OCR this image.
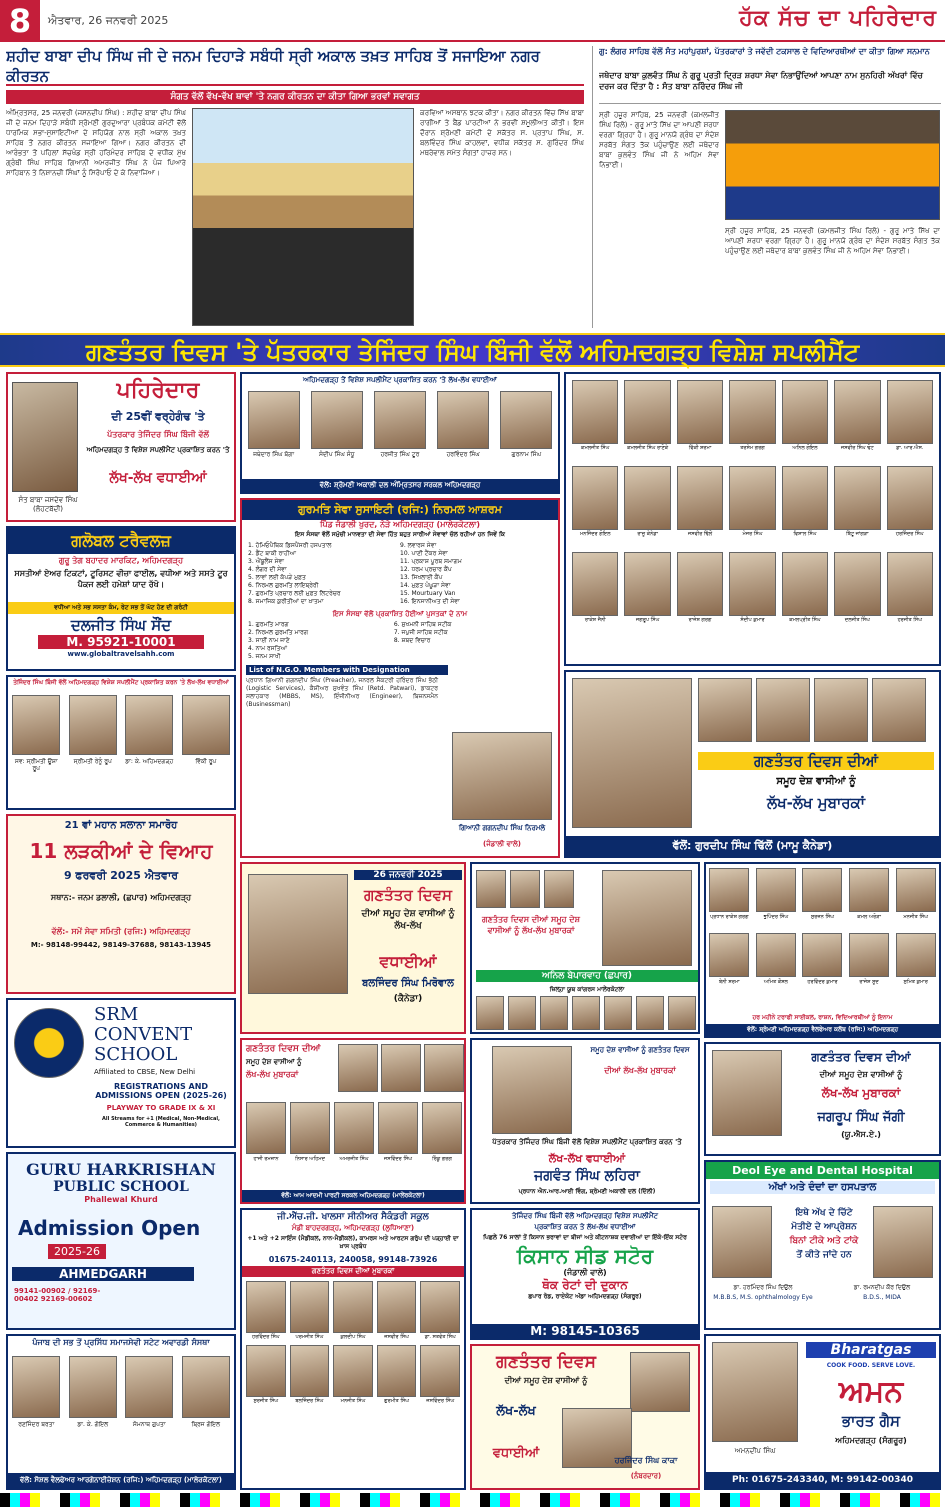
8	ਐਤਵਾਰ, 26 ਜਨਵਰੀ 2025	ਹੱਕ ਸੱਚ ਦਾ ਪਹਿਰੇਦਾਰ
ਸ਼ਹੀਦ ਬਾਬਾ ਦੀਪ ਸਿੰਘ ਜੀ ਦੇ ਜਨਮ ਦਿਹਾੜੇ ਸਬੰਧੀ ਸ੍ਰੀ ਅਕਾਲ ਤਖ਼ਤ ਸਾਹਿਬ ਤੋਂ ਸਜਾਇਆ ਨਗਰ ਕੀਰਤਨ
ਸੰਗਤ ਵੱਲੋਂ ਵੱਖ-ਵੱਖ ਥਾਵਾਂ 'ਤੇ ਨਗਰ ਕੀਰਤਨ ਦਾ ਕੀਤਾ ਗਿਆ ਭਰਵਾਂ ਸਵਾਗਤ
ਅੰਮ੍ਰਿਤਸਰ, 25 ਜਨਵਰੀ (ਜਸਨਦੀਪ ਸਿੰਘ) : ਸ਼ਹੀਦ ਬਾਬਾ ਦੀਪ ਸਿੰਘ ਜੀ ਦੇ ਜਨਮ ਦਿਹਾੜੇ ਸਬੰਧੀ ਸ਼੍ਰੋਮਣੀ ਗੁਰਦੁਆਰਾ ਪ੍ਰਬੰਧਕ ਕਮੇਟੀ ਵੱਲੋਂ ਧਾਰਮਿਕ ਸਭਾ-ਸੁਸਾਇਟੀਆਂ ਦੇ ਸਹਿਯੋਗ ਨਾਲ ਸ੍ਰੀ ਅਕਾਲ ਤਖ਼ਤ ਸਾਹਿਬ ਤੋਂ ਨਗਰ ਕੀਰਤਨ ਸਜਾਇਆ ਗਿਆ। ਨਗਰ ਕੀਰਤਨ ਦੀ ਆਰੰਭਤਾ ਤੋਂ ਪਹਿਲਾਂ ਸੱਚਖੰਡ ਸ੍ਰੀ ਹਰਿਮੰਦਰ ਸਾਹਿਬ ਦੇ ਵਧੀਕ ਮੁੱਖ ਗ੍ਰੰਥੀ ਸਿੰਘ ਸਾਹਿਬ ਗਿਆਨੀ ਅਮਰਜੀਤ ਸਿੰਘ ਨੇ ਪੰਜ ਪਿਆਰੇ ਸਾਹਿਬਾਨ ਤੇ ਨਿਸ਼ਾਨਚੀ ਸਿੰਘਾਂ ਨੂੰ ਸਿਰੋਪਾਓ ਦੇ ਕੇ ਨਿਵਾਜਿਆ।
ਕਰਵਿਆਂ ਅਸਥਾਨ ਝਟਕ ਕੀਤਾ। ਨਗਰ ਕੀਰਤਨ ਵਿੱਚ ਸਿੱਖ ਬਾਬਾ ਰਾਗੀਆਂ ਤੇ ਬੈਂਡ ਪਾਰਟੀਆਂ ਨੇ ਭਰਵੀਂ ਸ਼ਮੂਲੀਅਤ ਕੀਤੀ। ਇਸ ਦੌਰਾਨ ਸ਼੍ਰੋਮਣੀ ਕਮੇਟੀ ਦੇ ਸਕੱਤਰ ਸ. ਪ੍ਰਤਾਪ ਸਿੰਘ, ਸ. ਬਲਵਿੰਦਰ ਸਿੰਘ ਕਾਹਲਵਾਂ, ਵਧੀਕ ਸਕੱਤਰ ਸ. ਗੁਰਿੰਦਰ ਸਿੰਘ ਮਥਰੇਵਾਲ ਸਮੇਤ ਸੰਗਤਾਂ ਹਾਜ਼ਰ ਸਨ।
ਗੁ: ਲੰਗਰ ਸਾਹਿਬ ਵੱਲੋਂ ਸੰਤ ਮਹਾਂਪੁਰਸ਼ਾਂ, ਪੱਤਰਕਾਰਾਂ ਤੇ ਜਵੱਦੀ ਟਕਸਾਲ ਦੇ ਵਿਦਿਆਰਥੀਆਂ ਦਾ ਕੀਤਾ ਗਿਆ ਸਨਮਾਨ
ਜਥੇਦਾਰ ਬਾਬਾ ਕੁਲਵੰਤ ਸਿੰਘ ਨੇ ਗੁਰੂ ਪ੍ਰਤੀ ਦ੍ਰਿੜ ਸ਼ਰਧਾ ਸੇਵਾ ਨਿਭਾਉਂਦਿਆਂ ਆਪਣਾ ਨਾਮ ਸੁਨਹਿਰੀ ਅੱਖਰਾਂ ਵਿੱਚ ਦਰਜ ਕਰ ਦਿੱਤਾ ਹੈ : ਸੰਤ ਬਾਬਾ ਨਰਿੰਦਰ ਸਿੰਘ ਜੀ
ਸ੍ਰੀ ਹਜ਼ੂਰ ਸਾਹਿਬ, 25 ਜਨਵਰੀ (ਕਮਲਜੀਤ ਸਿੰਘ ਰਿਲੋ) - ਗੁਰੂ ਮਾਤੇ ਸਿੱਖ ਦਾ ਆਪਣੀ ਸ਼ਰਧਾ ਵਰਗਾ ਗ੍ਰਿਹਾ ਹੈ। ਗੁਰੂ ਮਾਨਯੋ ਗ੍ਰੰਥ ਦਾ ਸੰਦੇਸ਼ ਸਰਬੱਤ ਸੰਗਤ ਤੱਕ ਪਹੁੰਚਾਉਣ ਲਈ ਜਥੇਦਾਰ ਬਾਬਾ ਕੁਲਵੰਤ ਸਿੰਘ ਜੀ ਨੇ ਅਹਿਮ ਸੇਵਾ ਨਿਭਾਈ।
ਸ੍ਰੀ ਹਜ਼ੂਰ ਸਾਹਿਬ, 25 ਜਨਵਰੀ (ਕਮਲਜੀਤ ਸਿੰਘ ਰਿਲੋ) - ਗੁਰੂ ਮਾਤੇ ਸਿੱਖ ਦਾ ਆਪਣੀ ਸ਼ਰਧਾ ਵਰਗਾ ਗ੍ਰਿਹਾ ਹੈ। ਗੁਰੂ ਮਾਨਯੋ ਗ੍ਰੰਥ ਦਾ ਸੰਦੇਸ਼ ਸਰਬੱਤ ਸੰਗਤ ਤੱਕ ਪਹੁੰਚਾਉਣ ਲਈ ਜਥੇਦਾਰ ਬਾਬਾ ਕੁਲਵੰਤ ਸਿੰਘ ਜੀ ਨੇ ਅਹਿਮ ਸੇਵਾ ਨਿਭਾਈ।
ਗਣਤੰਤਰ ਦਿਵਸ 'ਤੇ ਪੱਤਰਕਾਰ ਤੇਜਿੰਦਰ ਸਿੰਘ ਬਿੰਜੀ ਵੱਲੋਂ ਅਹਿਮਦਗੜ੍ਹ ਵਿਸ਼ੇਸ਼ ਸਪਲੀਮੈਂਟ
ਸੰਤ ਬਾਬਾ ਜਸਦੇਵ ਸਿੰਘ (ਲੋਹਟਬੱਦੀ)
ਪਹਿਰੇਦਾਰ
ਦੀ 25ਵੀਂ ਵਰ੍ਹੇਗੰਢ 'ਤੇ
ਪੱਤਰਕਾਰ ਤੇਜਿੰਦਰ ਸਿੰਘ ਬਿੰਜੀ ਵੱਲੋਂ
ਅਹਿਮਦਗੜ੍ਹ ਤੋਂ ਵਿਸ਼ੇਸ਼ ਸਪਲੀਮੈਂਟ ਪ੍ਰਕਾਸ਼ਿਤ ਕਰਨ 'ਤੇ
ਲੱਖ-ਲੱਖ ਵਧਾਈਆਂ
ਗਲੋਬਲ ਟਰੈਵਲਜ਼
ਗੁਰੂ ਤੇਗ ਬਹਾਦਰ ਮਾਰਕਿਟ, ਅਹਿਮਦਗੜ੍ਹ
ਸਸਤੀਆਂ ਏਅਰ ਟਿਕਟਾਂ, ਟੂਰਿਸਟ ਵੀਜ਼ਾ ਫਾਈਲ, ਵਧੀਆ ਅਤੇ ਸਸਤੇ ਟੂਰ ਪੈਕਜ ਲਈ ਹਮੇਸ਼ਾਂ ਯਾਦ ਰੱਖੋ।
ਵਧੀਆ ਅਤੇ ਸਭ ਸਸਤਾ ਕੰਮ, ਰੇਟ ਸਭ ਤੋਂ ਘੱਟ ਹੋਣ ਦੀ ਗਰੰਟੀ
ਦਲਜੀਤ ਸਿੰਘ ਸੌਂਦ
M. 95921-10001
www.globaltravelsahh.com
ਤੇਜਿੰਦਰ ਸਿੰਘ ਬਿੰਜੀ ਵੱਲੋਂ ਅਹਿਮਦਗੜ੍ਹ ਵਿਸ਼ੇਸ਼ ਸਪਲੀਮੈਂਟ ਪ੍ਰਕਾਸ਼ਿਤ ਕਰਨ 'ਤੇ ਲੱਖ-ਲੱਖ ਵਧਾਈਆਂ
ਸਵ: ਸ੍ਰੀਮਤੀ ਊਸ਼ਾ ਰੂਪ
ਸ੍ਰੀਮਤੀ ਰੇਨੂੰ ਰੂਪ	ਡਾ: ਕੇ. ਅਹਿਮਦਗੜ੍ਹ	ਵਿੱਕੀ ਰੂਪ
21 ਵਾਂ ਮਹਾਨ ਸਲਾਨਾ ਸਮਾਰੋਹ
11 ਲੜਕੀਆਂ ਦੇ ਵਿਆਹ
9 ਫਰਵਰੀ 2025 ਐਤਵਾਰ
ਸਥਾਨ:- ਜਨਮ ਡਲਾਲੀ, (ਛਪਾਰ) ਅਹਿਮਦਗੜ੍ਹ
ਵੱਲੋਂ:- ਸਮੇਂ ਸੇਵਾ ਸਮਿਤੀ (ਰਜਿ:) ਅਹਿਮਦਗੜ੍ਹ
M:- 98148-99442, 98149-37688, 98143-13945
SRM
CONVENT
SCHOOL
Affiliated to CBSE, New Delhi
REGISTRATIONS AND ADMISSIONS OPEN (2025-26)
PLAYWAY TO GRADE IX & XI
All Streams for +1 (Medical, Non-Medical, Commerce & Humanities)
GURU HARKRISHAN
PUBLIC SCHOOL
Phallewal Khurd
Admission Open
2025-26
AHMEDGARH
99141-00902 / 92169-00402 92169-00602
ਪੰਜਾਬ ਦੀ ਸਭ ਤੋਂ ਪ੍ਰਸਿੱਧ ਸਮਾਜਸੇਵੀ ਸਟੇਟ ਅਵਾਰਡੀ ਸੰਸਥਾ
ਰਣਜਿੰਦਰ ਬਰਤਾ	ਡਾ. ਕੇ. ਗੋਇਲ	ਸੋਮਨਾਥ ਗੁਪਤਾ	ਬ੍ਰਿਜ ਗੋਇਲ
ਵੱਲੋਂ: ਸੋਸ਼ਲ ਵੈਲਫੇਅਰ ਆਰਗੇਨਾਈਜ਼ੇਸ਼ਨ (ਰਜਿ:) ਅਹਿਮਦਗੜ੍ਹ (ਮਾਲੇਰਕੋਟਲਾ)
ਅਹਿਮਦਗੜ੍ਹ ਤੋਂ ਵਿਸ਼ੇਸ਼ ਸਪਲੀਮੈਂਟ ਪ੍ਰਕਾਸ਼ਿਤ ਕਰਨ 'ਤੇ ਲੱਖ-ਲੱਖ ਵਧਾਈਆਂ
ਜਥੇਦਾਰ ਸਿੰਘ ਬੱਗਾ	ਸੰਦੀਪ ਸਿੰਘ ਸੰਧੂ	ਹਰਜੀਤ ਸਿੰਘ ਟੂਰ	ਹਰਵਿੰਦਰ ਸਿੰਘ	ਗੁਰਨਾਮ ਸਿੰਘ
ਵੱਲੋਂ: ਸ਼੍ਰੋਮਣੀ ਅਕਾਲੀ ਦਲ ਅੰਮ੍ਰਿਤਸਰ ਸਰਕਲ ਅਹਿਮਦਗੜ੍ਹ
ਗੁਰਮਤਿ ਸੇਵਾ ਸੁਸਾਇਟੀ (ਰਜਿ:) ਨਿਰਮਲ ਆਸ਼ਰਮ
ਪਿੰਡ ਜੰਡਾਲੀ ਖੁਰਦ, ਨੇੜੇ ਅਹਿਮਦਗੜ੍ਹ (ਮਾਲੇਰਕੋਟਲਾ)
ਇਸ ਸੰਸਥਾ ਵੱਲੋਂ ਸਮੁੱਚੀ ਮਾਨਵਤਾ ਦੀ ਸੇਵਾ ਹਿੱਤ ਬਹੁਤ ਸਾਰੀਆਂ ਸੇਵਾਵਾਂ ਚੱਲ ਰਹੀਆਂ ਹਨ ਜਿਵੇਂ ਕਿ
1. ਹੋਮਿਓਪੈਥਿਕ ਡਿਸਪੈਂਸਰੀ ਹਸਪਤਾਲ
2. ਡੈਂਟ ਬਾਕੀ ਰਾਹੀਆ
3. ਐਂਬੂਲੈਂਸ ਸੇਵਾ
4. ਲੰਗਰ ਦੀ ਸੇਵਾ
5. ਲਾਵਾਂ ਲਈ ਕੱਪੜੇ ਮੁਫ਼ਤ
6. ਨਿਰਮਲ ਗੁਰਮਤਿ ਲਾਇਬ੍ਰੇਰੀ
7. ਗੁਰਮਤਿ ਪ੍ਰਚਾਰ ਲਈ ਮੁਫ਼ਤ ਲਿਟਰੇਚਰ
8. ਸਮਾਜਿਕ ਕੁਰੀਤੀਆਂ ਦਾ ਖ਼ਾਤਮਾ
9. ਲਵਾਰਸ ਸੇਵਾ
10. ਪਾਣੀ ਟੈਂਕਰ ਸੇਵਾ
11. ਪ੍ਰਕਾਸ਼ ਪੂਰਬ ਸਮਾਗਮ
12. ਧਰਮ ਪ੍ਰਚਾਰ ਕੈਂਪ
13. ਸਿਖਲਾਈ ਕੈਂਪ
14. ਮੁਫ਼ਤ ਪੰਘੂੜਾ ਸੇਵਾ
15. Mourtuary Van
16. ਇਨਸਾਨੀਅਤ ਦੀ ਸੇਵਾ
ਇਸ ਸੰਸਥਾ ਵੱਲੋਂ ਪ੍ਰਕਾਸ਼ਿਤ ਹੋਈਆਂ ਪੁਸਤਕਾਂ ਦੇ ਨਾਮ
1. ਗੁਰਮਤਿ ਮਾਰਗ
2. ਨਿਰਮਲ ਗੁਰਮਤਿ ਮਾਰਗ
3. ਸਾਈਂ ਨਾਮ ਜਾਣੋ
4. ਨਾਮ ਰਸਤਿਆਂ
5. ਜਨਮ ਸਾਖੀ
6. ਸੁਖਮਨੀ ਸਾਹਿਬ ਸਟੀਕ
7. ਜਪੁਜੀ ਸਾਹਿਬ ਸਟੀਕ
8. ਸ਼ਬਦ ਵਿਚਾਰ
List of N.G.O. Members with Designation
ਪ੍ਰਧਾਨ ਗਿਆਨੀ ਗਗਨਦੀਪ ਸਿੰਘ (Preacher), ਜਨਰਲ ਸੈਕਟਰੀ ਹਰਿੰਦਰ ਸਿੰਘ ਭੱਠੀ (Logistic Services), ਕੈਸ਼ੀਅਰ ਸੁਖਵੰਤ ਸਿੰਘ (Retd. Patwari), ਡਾਕਟਰ ਸਲਾਹਕਾਰ (MBBS, MS), ਇੰਜੀਨੀਅਰ (Engineer), ਬਿਜ਼ਨਸਮੈਨ (Businessman)
ਗਿਆਨੀ ਗਗਨਦੀਪ ਸਿੰਘ ਨਿਰਮਲੇ
(ਜੰਡਾਲੀ ਵਾਲੇ)
ਕਮਲਜੀਤ ਸਿੰਘ	ਕਮਲਜੀਤ ਸਿੰਘ ਰਾਣੋਕੇ	ਵਿੱਕੀ ਸ਼ਰਮਾ	ਤਰਸੇਮ ਗਰਗ	ਅਨਿਲ ਗੋਇਲ	ਜਸਵੀਰ ਸਿੰਘ ਢੋਟ	ਡਾ. ਆਰ.ਐਸ.
ਮਨਜਿੰਦਰ ਗੋਇਲ	ਰਾਜੂ ਕੇਨੇਡਾ	ਜਸਵੀਰ ਢਿੱਲੋਂ	ਮੇਜਰ ਸਿੰਘ	ਵਿਸ਼ਾਲ ਸਿੰਘ	ਬਿੱਟੂ ਜਾਂਗੜਾ	ਹਰਜਿੰਦਰ ਸਿੰਘ
ਰਾਕੇਸ਼ ਜੈਨੀ	ਜਗਰੂਪ ਸਿੰਘ	ਰਾਜੇਸ਼ ਗਰਗ	ਸੰਦੀਪ ਕੁਮਾਰ	ਕਮਲਪ੍ਰੀਤ ਸਿੰਘ	ਦਲਜੀਤ ਸਿੰਘ	ਹਰਜੀਤ ਸਿੰਘ
ਗਣਤੰਤਰ ਦਿਵਸ ਦੀਆਂ
ਸਮੂਹ ਦੇਸ਼ ਵਾਸੀਆਂ ਨੂੰ
ਲੱਖ-ਲੱਖ ਮੁਬਾਰਕਾਂ
ਵੱਲੋਂ: ਗੁਰਦੀਪ ਸਿੰਘ ਢਿੱਲੋਂ (ਮਾਮੂ ਕੈਨੇਡਾ)
26 ਜਨਵਰੀ 2025
ਗਣਤੰਤਰ ਦਿਵਸ
ਦੀਆਂ ਸਮੂਹ ਦੇਸ਼ ਵਾਸੀਆਂ ਨੂੰ ਲੱਖ-ਲੱਖ
ਵਧਾਈਆਂ
ਬਲਜਿੰਦਰ ਸਿੰਘ ਮਿਰੋਵਾਲ
(ਕੈਨੇਡਾ)
ਗਣਤੰਤਰ ਦਿਵਸ ਦੀਆਂ ਸਮੂਹ ਦੇਸ਼ ਵਾਸੀਆਂ ਨੂੰ ਲੱਖ-ਲੱਖ ਮੁਬਾਰਕਾਂ
ਅਨਿਲ ਬੇਪਾਰਵਾਹ (ਛਪਾਰ)
ਜ਼ਿਲ੍ਹਾ ਯੂਥ ਕਾਂਗਰਸ ਮਾਲੇਰਕੋਟਲਾ
ਪ੍ਰਧਾਨ ਰਾਕੇਸ਼ ਗਰਗ	ਭੁਪਿੰਦਰ ਸਿੰਘ	ਸੁਰਜਨ ਸਿੰਘ	ਕਮਲ ਅਰੋੜਾ	ਮਨਜੀਤ ਸਿੰਘ
ਬੇਨੀ ਸ਼ਰਮਾ	ਅਮਿਤ ਕੌਸ਼ਲ	ਹਰਵਿੰਦਰ ਕੁਮਾਰ	ਰਾਜੇਸ਼ ਸੂਦ	ਸੁਮਿਤ ਕੁਮਾਰ
ਹਰ ਮਹੀਨੇ ਟਰਾਫੀ ਸਾਈਕਲ, ਰਾਸ਼ਨ, ਵਿਦਿਆਰਥੀਆਂ ਨੂੰ ਇਨਾਮ
ਵੱਲੋਂ: ਸ਼੍ਰੋਮਣੀ ਅਹਿਮਦਗੜ੍ਹ ਵੈਲਫੇਅਰ ਕਲੱਬ (ਰਜਿ:) ਅਹਿਮਦਗੜ੍ਹ
ਗਣਤੰਤਰ ਦਿਵਸ ਦੀਆਂ
ਸਮੂਹ ਦੇਸ਼ ਵਾਸੀਆਂ ਨੂੰ
ਲੱਖ-ਲੱਖ ਮੁਬਾਰਕਾਂ
ਹਾਜੀ ਰਮਜ਼ਾਨ	ਨਿਸਾਰ ਅਹਿਮਦ	ਅਮਰਜੀਤ ਸਿੰਘ	ਜਸਵਿੰਦਰ ਸਿੰਘ	ਰਿੰਕੂ ਗਰਗ
ਵੱਲੋਂ: ਆਮ ਆਦਮੀ ਪਾਰਟੀ ਸਰਕਲ ਅਹਿਮਦਗੜ੍ਹ (ਮਾਲੇਰਕੋਟਲਾ)
ਸਮੂਹ ਦੇਸ਼ ਵਾਸੀਆਂ ਨੂੰ ਗਣਤੰਤਰ ਦਿਵਸ
ਦੀਆਂ ਲੱਖ-ਲੱਖ ਮੁਬਾਰਕਾਂ
ਪੱਤਰਕਾਰ ਤੇਜਿੰਦਰ ਸਿੰਘ ਬਿੰਜੀ ਵੱਲੋਂ ਵਿਸ਼ੇਸ਼ ਸਪਲੀਮੈਂਟ ਪ੍ਰਕਾਸ਼ਿਤ ਕਰਨ 'ਤੇ
ਲੱਖ-ਲੱਖ ਵਧਾਈਆਂ
ਜਗਵੰਤ ਸਿੰਘ ਲਹਿਰਾ
ਪ੍ਰਧਾਨ ਐਨ.ਆਰ.ਆਈ ਵਿੰਗ, ਸ਼੍ਰੋਮਣੀ ਅਕਾਲੀ ਦਲ (ਦਿੱਲੀ)
ਗਣਤੰਤਰ ਦਿਵਸ ਦੀਆਂ
ਦੀਆਂ ਸਮੂਹ ਦੇਸ਼ ਵਾਸੀਆਂ ਨੂੰ
ਲੱਖ-ਲੱਖ ਮੁਬਾਰਕਾਂ
ਜਗਰੂਪ ਸਿੰਘ ਜੱਗੀ
(ਯੂ.ਐਸ.ਏ.)
ਜੀ.ਐੱਚ.ਜੀ. ਖਾਲਸਾ ਸੀਨੀਅਰ ਸੈਕੰਡਰੀ ਸਕੂਲ
ਮੰਡੀ ਬਾਹਦਰਗੜ੍ਹ, ਅਹਿਮਦਗੜ੍ਹ (ਲੁਧਿਆਣਾ)
+1 ਅਤੇ +2 ਸਾਇੰਸ (ਮੈਡੀਕਲ, ਨਾਨ-ਮੈਡੀਕਲ), ਕਾਮਰਸ ਅਤੇ ਆਰਟਸ ਗਰੁੱਪ ਦੀ ਪੜ੍ਹਾਈ ਦਾ ਖ਼ਾਸ ਪ੍ਰਬੰਧ
01675-240113, 240058, 99148-73926
ਗਣਤੰਤਰ ਦਿਵਸ ਦੀਆਂ ਮੁਬਾਰਕਾਂ
ਹਰਵਿੰਦਰ ਸਿੰਘ	ਪਰਮਜੀਤ ਸਿੰਘ	ਕੁਲਦੀਪ ਸਿੰਘ	ਜਸਵੀਰ ਸਿੰਘ	ਡਾ. ਸਤਵੰਤ ਸਿੰਘ
ਸੁਰਜੀਤ ਸਿੰਘ	ਬਲਜਿੰਦਰ ਸਿੰਘ	ਮਨਜੀਤ ਸਿੰਘ	ਗੁਰਮੀਤ ਸਿੰਘ	ਜਸਵਿੰਦਰ ਸਿੰਘ
ਤੇਜਿੰਦਰ ਸਿੰਘ ਬਿੰਜੀ ਵੱਲੋਂ ਅਹਿਮਦਗੜ੍ਹ ਵਿਸ਼ੇਸ਼ ਸਪਲੀਮੈਂਟ
ਪ੍ਰਕਾਸ਼ਿਤ ਕਰਨ ਤੇ ਲੱਖ-ਲੱਖ ਵਧਾਈਆਂ
ਪਿਛਲੇ 76 ਸਾਲਾਂ ਤੋਂ ਕਿਸਾਨ ਭਰਾਵਾਂ ਦਾ ਬੀਜਾਂ ਅਤੇ ਕੀਟਨਾਸ਼ਕ ਦਵਾਈਆਂ ਦਾ ਇੱਕੋ-ਇੱਕ ਸਟੋਰ
ਕਿਸਾਨ ਸੀਡ ਸਟੋਰ
(ਜੰਡਾਲੀ ਵਾਲੇ)
ਥੋਕ ਰੇਟਾਂ ਦੀ ਦੁਕਾਨ
ਛਪਾਰ ਰੋਡ, ਰਾਏਕੋਟ ਅੱਡਾ ਅਹਿਮਦਗੜ੍ਹ (ਸੰਗਰੂਰ)
M: 98145-10365
ਗਣਤੰਤਰ ਦਿਵਸ
ਦੀਆਂ ਸਮੂਹ ਦੇਸ਼ ਵਾਸੀਆਂ ਨੂੰ
ਲੱਖ-ਲੱਖ
ਵਧਾਈਆਂ	ਹਰਜਿੰਦਰ ਸਿੰਘ ਕਾਕਾ
(ਨੰਬਰਦਾਰ)
Deol Eye and Dental Hospital
ਅੱਖਾਂ ਅਤੇ ਦੰਦਾਂ ਦਾ ਹਸਪਤਾਲ
ਇਥੇ ਅੱਖ ਦੇ ਚਿੱਟੇ
ਮੋਤੀਏ ਦੇ ਆਪ੍ਰੇਸ਼ਨ
ਬਿਨਾਂ ਟੀਕੇ ਅਤੇ ਟਾਂਕੇ
ਤੋਂ ਕੀਤੇ ਜਾਂਦੇ ਹਨ
ਡਾ. ਹਰਮਿੰਦਰ ਸਿੰਘ ਦਿਉਲ
M.B.B.S, M.S. ophthalmology Eye
ਡਾ. ਰਮਨਦੀਪ ਕੌਰ ਦਿਉਲ
B.D.S., MIDA
ਅਮਨਦੀਪ ਸਿੰਘ
Bharatgas
COOK FOOD. SERVE LOVE.
ਅਮਨ
ਭਾਰਤ ਗੈਸ
ਅਹਿਮਦਗੜ੍ਹ (ਸੰਗਰੂਰ)
Ph: 01675-243340, M: 99142-00340
